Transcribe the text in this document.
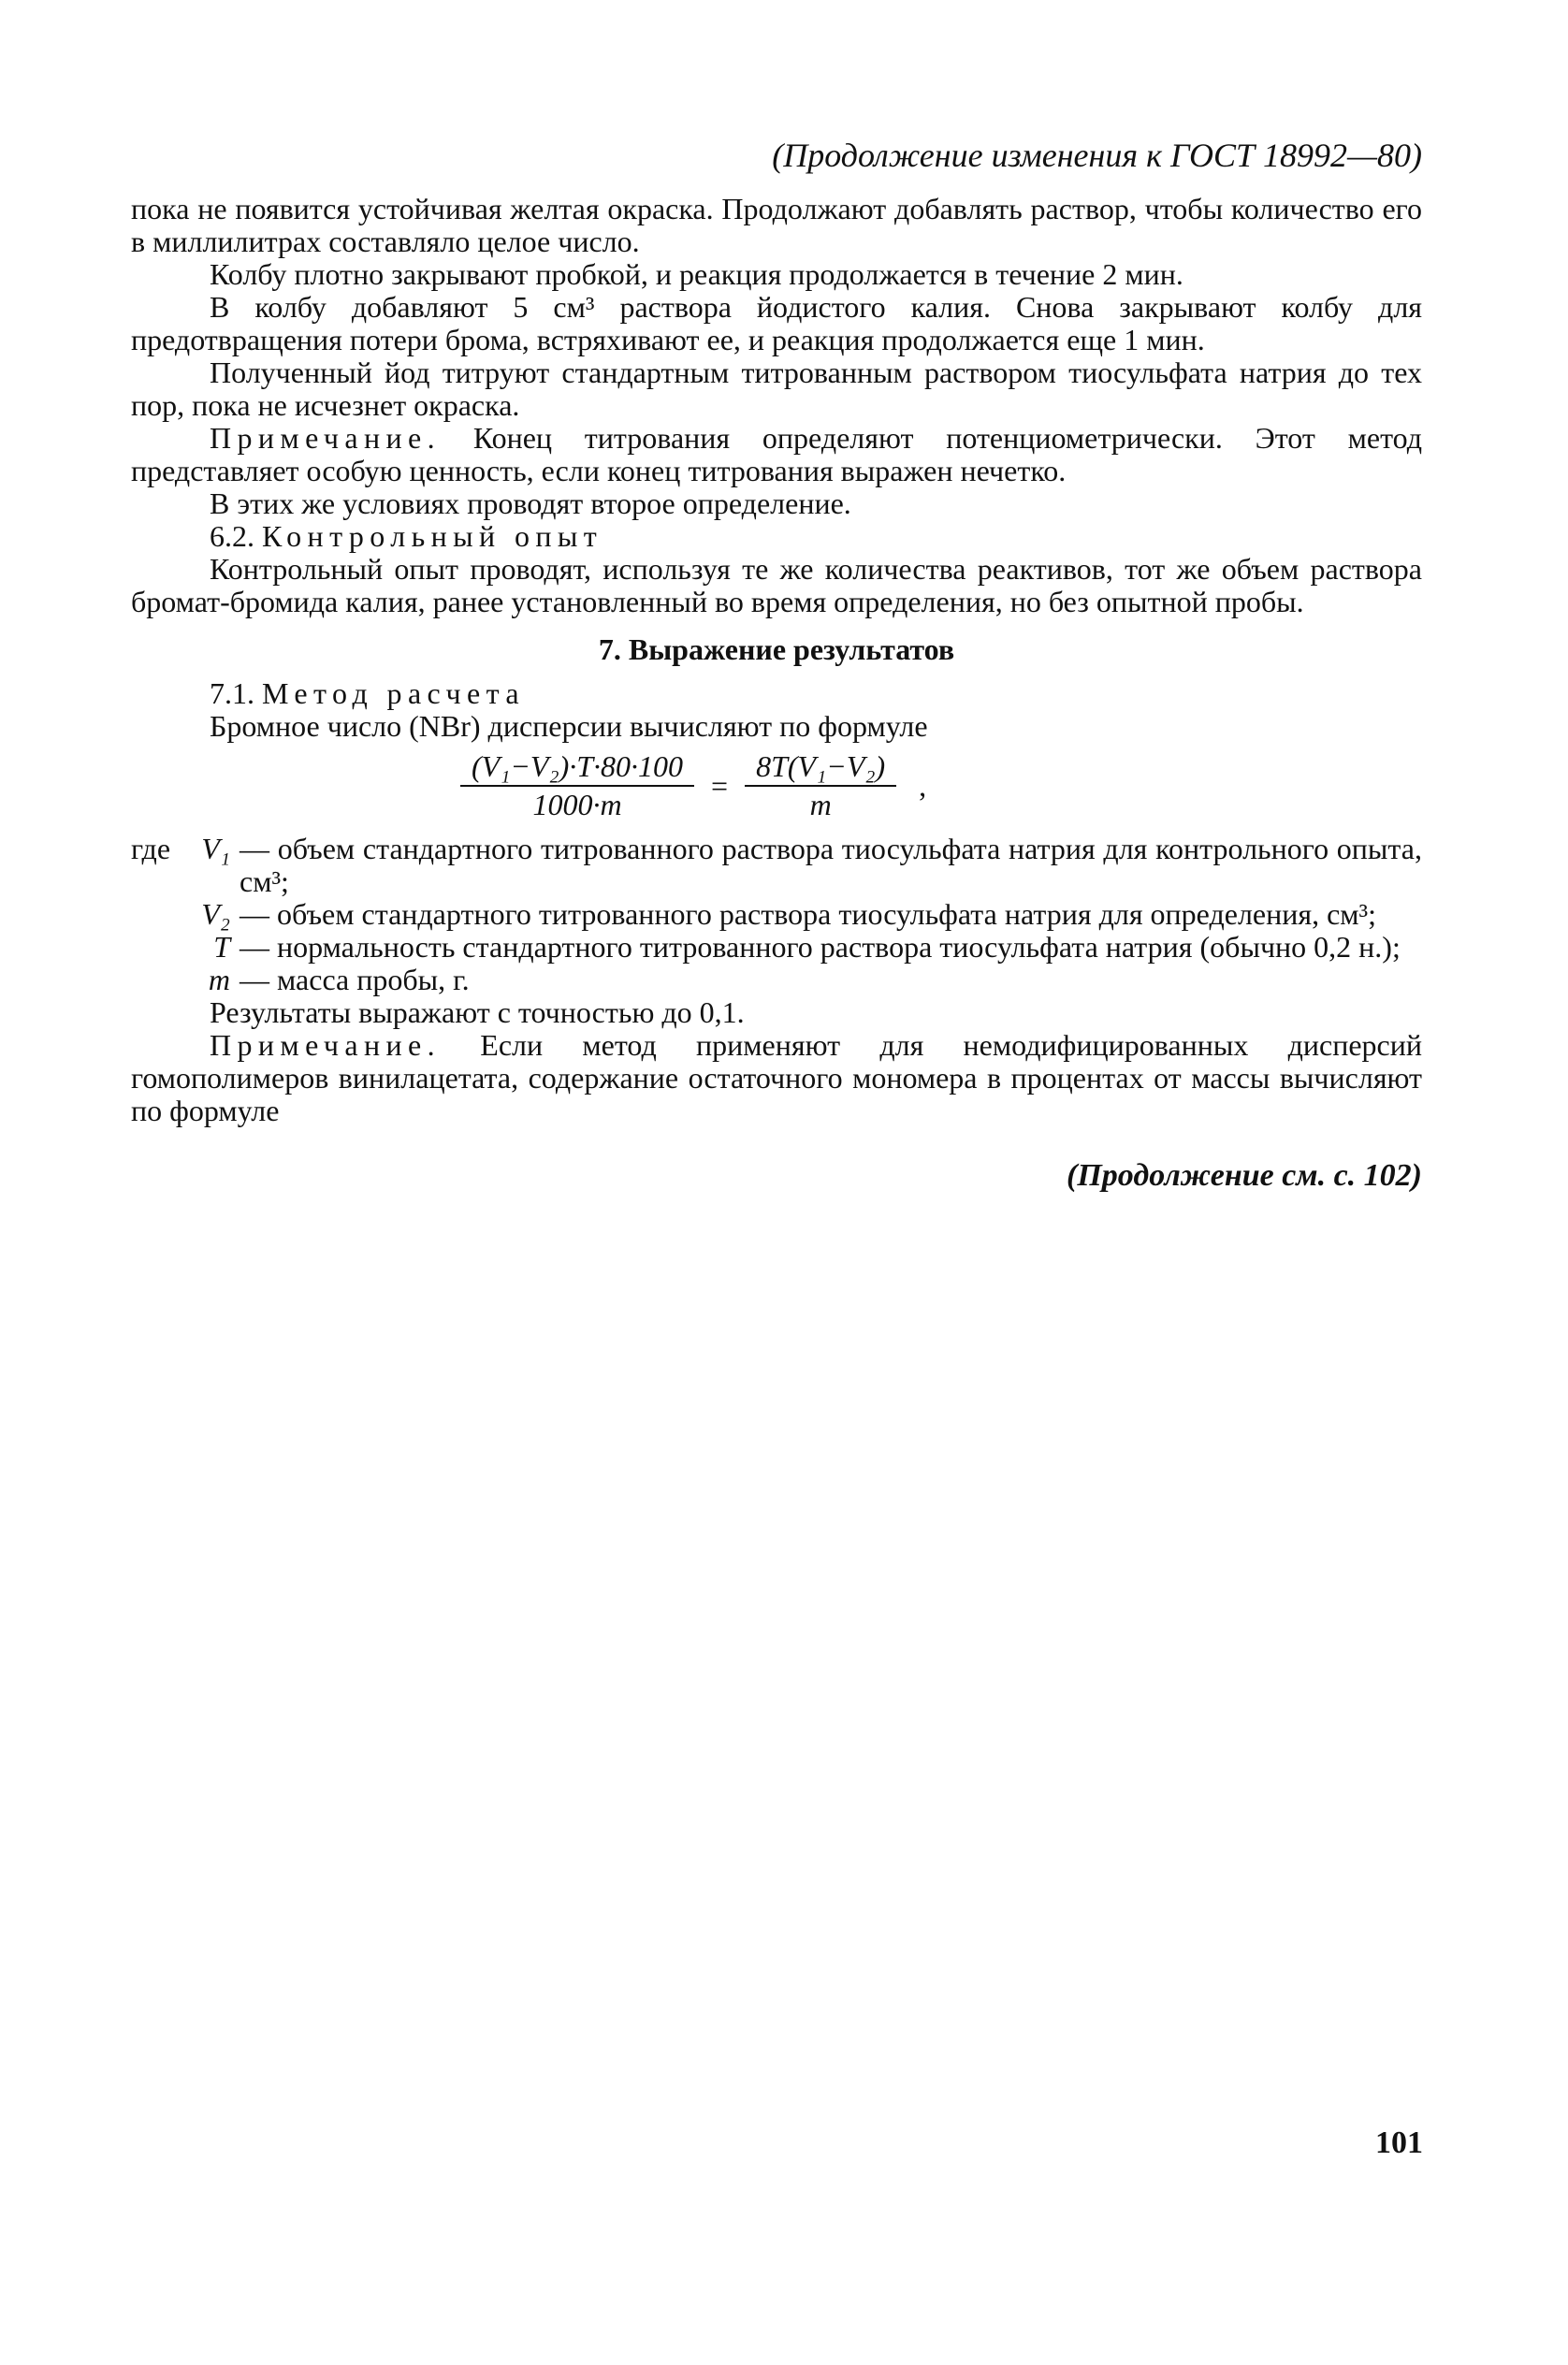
(Продолжение изменения к ГОСТ 18992—80)

пока не появится устойчивая желтая окраска. Продолжают добавлять раствор, чтобы количество его в миллилитрах составляло целое число.

Колбу плотно закрывают пробкой, и реакция продолжается в течение 2 мин.

В колбу добавляют 5 см³ раствора йодистого калия. Снова закрывают колбу для предотвращения потери брома, встряхивают ее, и реакция продолжается еще 1 мин.

Полученный йод титруют стандартным титрованным раствором тиосульфата натрия до тех пор, пока не исчезнет окраска.

Примечание. Конец титрования определяют потенциометрически. Этот метод представляет особую ценность, если конец титрования выражен нечетко.

В этих же условиях проводят второе определение.

6.2. Контрольный опыт

Контрольный опыт проводят, используя те же количества реактивов, тот же объем раствора бромат-бромида калия, ранее установленный во время определения, но без опытной пробы.

7. Выражение результатов

7.1. Метод расчета

Бромное число (NBr) дисперсии вычисляют по формуле

$\frac{\text{(V₁−V₂)·T·80·100}}{1000\cdot m} = \frac{\text{8T(V₁−V₂)}}{m}$ ,
где V₁ — объем стандартного титрованного раствора тиосульфата натрия для контрольного опыта, см³;
V₂ — объем стандартного титрованного раствора тиосульфата натрия для определения, см³;
T — нормальность стандартного титрованного раствора тиосульфата натрия (обычно 0,2 н.);
m — масса пробы, г.

Результаты выражают с точностью до 0,1.

Примечание. Если метод применяют для немодифицированных дисперсий гомополимеров винилацетата, содержание остаточного мономера в процентах от массы вычисляют по формуле

(Продолжение см. с. 102)

101
